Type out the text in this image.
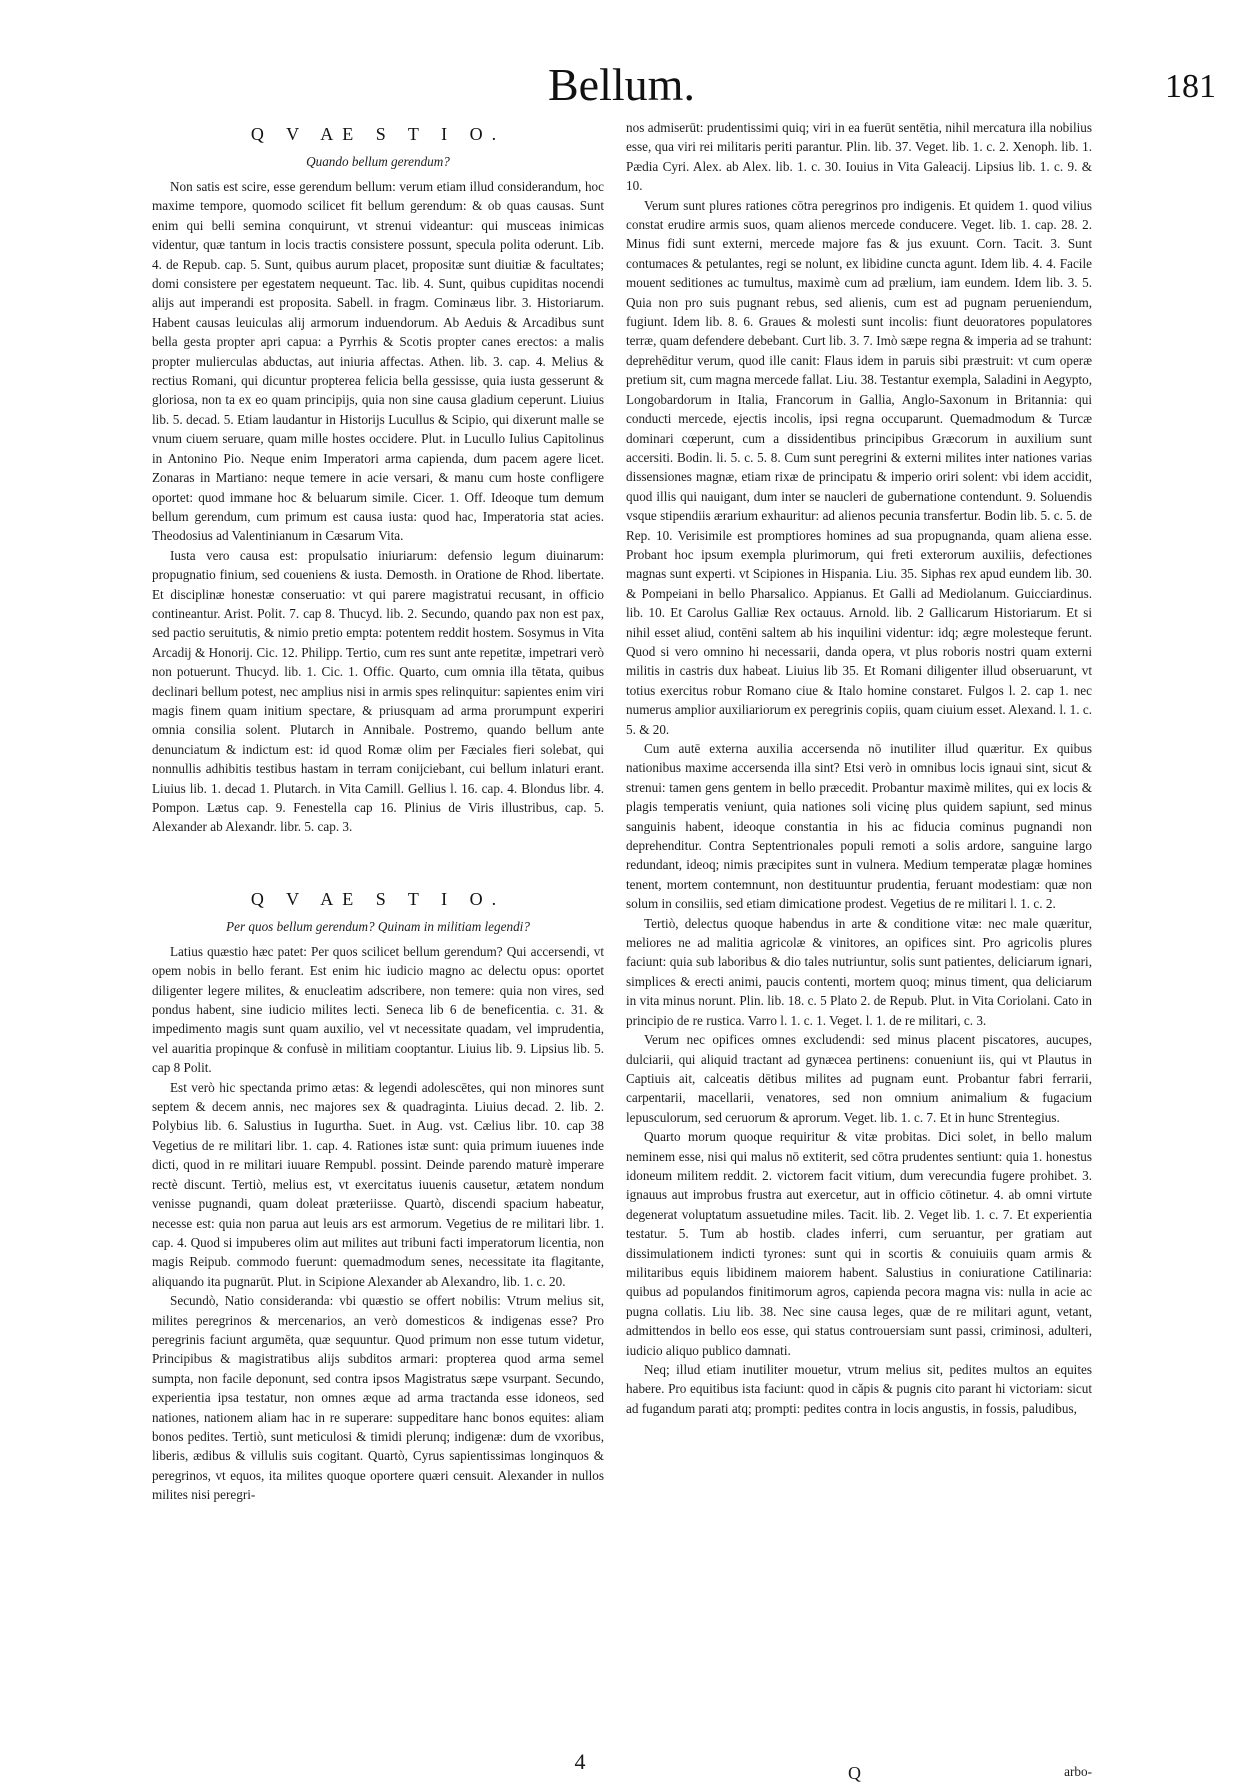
Bellum.	181
Q V AE S T I O.
Quando bellum gerendum?

Non satis est scire, esse gerendum bellum: verum etiam illud considerandum, hoc maxime tempore, quomodo scilicet fit bellum gerendum: & ob quas causas. Sunt enim qui belli semina conquirunt, vt strenui videantur: qui musceas inimicas videntur, quæ tantum in locis tractis consistere possunt, specula polita oderunt. Lib. 4. de Repub. cap. 5. Sunt, quibus aurum placet, propositæ sunt diuitiæ & facultates; domi consistere per egestatem nequeunt. Tac. lib. 4. Sunt, quibus cupiditas nocendi alijs aut imperandi est proposita. Sabell. in fragm. Cominæus libr. 3. Historiarum. Habent causas leuiculas alij armorum induendorum. Ab Aeduis & Arcadibus sunt bella gesta propter apri capua: a Pyrrhis & Scotis propter canes erectos: a malis propter mulierculas abductas, aut iniuria affectas. Athen. lib. 3. cap. 4. Melius & rectius Romani, qui dicuntur propterea felicia bella gessisse, quia iusta gesserunt & gloriosa, non ta ex eo quam principijs, quia non sine causa gladium ceperunt. Liuius lib. 5. decad. 5. Etiam laudantur in Historijs Lucullus & Scipio, qui dixerunt malle se vnum ciuem seruare, quam mille hostes occidere. Plut. in Lucullo Iulius Capitolinus in Antonino Pio. Neque enim Imperatori arma capienda, dum pacem agere licet. Zonaras in Martiano: neque temere in acie versari, & manu cum hoste confligere oportet: quod immane hoc & beluarum simile. Cicer. 1. Off. Ideoque tum demum bellum gerendum, cum primum est causa iusta: quod hac, Imperatoria stat acies. Theodosius ad Valentinianum in Cæsarum Vita.

Iusta vero causa est: propulsatio iniuriarum: defensio legum diuinarum: propugnatio finium, sed coueniens & iusta. Demosth. in Oratione de Rhod. libertate. Et disciplinæ honestæ conseruatio: vt qui parere magistratui recusant, in officio contineantur. Arist. Polit. 7. cap 8. Thucyd. lib. 2. Secundo, quando pax non est pax, sed pactio seruitutis, & nimio pretio empta: potentem reddit hostem. Sosymus in Vita Arcadij & Honorij. Cic. 12. Philipp. Tertio, cum res sunt ante repetitæ, impetrari verò non potuerunt. Thucyd. lib. 1. Cic. 1. Offic. Quarto, cum omnia illa tētata, quibus declinari bellum potest, nec amplius nisi in armis spes relinquitur: sapientes enim viri magis finem quam initium spectare, & priusquam ad arma prorumpunt experiri omnia consilia solent. Plutarch in Annibale. Postremo, quando bellum ante denunciatum & indictum est: id quod Romæ olim per Fæciales fieri solebat, qui nonnullis adhibitis testibus hastam in terram conijciebant, cui bellum inlaturi erant. Liuius lib. 1. decad 1. Plutarch. in Vita Camill. Gellius l. 16. cap. 4. Blondus libr. 4. Pompon. Lætus cap. 9. Fenestella cap 16. Plinius de Viris illustribus, cap. 5. Alexander ab Alexandr. libr. 5. cap. 3.

Q V AE S T I O.
Per quos bellum gerendum? Quinam in militiam legendi?

Latius quæstio hæc patet: Per quos scilicet bellum gerendum? Qui accersendi, vt opem nobis in bello ferant. Est enim hic iudicio magno ac delectu opus: oportet diligenter legere milites, & enucleatim adscribere, non temere: quia non vires, sed pondus habent, sine iudicio milites lecti. Seneca lib 6 de beneficentia. c. 31. & impedimento magis sunt quam auxilio, vel vt necessitate quadam, vel imprudentia, vel auaritia propinque & confusè in militiam cooptantur. Liuius lib. 9. Lipsius lib. 5. cap 8 Polit.

Est verò hic spectanda primo ætas: & legendi adolescētes, qui non minores sunt septem & decem annis, nec majores sex & quadraginta. Liuius decad. 2. lib. 2. Polybius lib. 6. Salustius in Iugurtha. Suet. in Aug. vst. Cælius libr. 10. cap 38 Vegetius de re militari libr. 1. cap. 4. Rationes istæ sunt: quia primum iuuenes inde dicti, quod in re militari iuuare Rempubl. possint. Deinde parendo maturè imperare rectè discunt. Tertiò, melius est, vt exercitatus iuuenis causetur, ætatem nondum venisse pugnandi, quam doleat præteriisse. Quartò, discendi spacium habeatur, necesse est: quia non parua aut leuis ars est armorum. Vegetius de re militari libr. 1. cap. 4. Quod si impuberes olim aut milites aut tribuni facti imperatorum licentia, non magis Reipub. commodo fuerunt: quemadmodum senes, necessitate ita flagitante, aliquando ita pugnarūt. Plut. in Scipione Alexander ab Alexandro, lib. 1. c. 20.

Secundò, Natio consideranda: vbi quæstio se offert nobilis: Vtrum melius sit, milites peregrinos & mercenarios, an verò domesticos & indigenas esse? Pro peregrinis faciunt argumēta, quæ sequuntur. Quod primum non esse tutum videtur, Principibus & magistratibus alijs subditos armari: propterea quod arma semel sumpta, non facile deponunt, sed contra ipsos Magistratus sæpe vsurpant. Secundo, experientia ipsa testatur, non omnes æque ad arma tractanda esse idoneos, sed nationes, nationem aliam hac in re superare: suppeditare hanc bonos equites: aliam bonos pedites. Tertiò, sunt meticulosi & timidi plerunq; indigenæ: dum de vxoribus, liberis, ædibus & villulis suis cogitant. Quartò, Cyrus sapientissimas longinquos & peregrinos, vt equos, ita milites quoque oportere quæri censuit. Alexander in nullos milites nisi peregri-

nos admiserūt: prudentissimi quiq; viri in ea fuerūt sentētia, nihil mercatura illa nobilius esse, qua viri rei militaris periti parantur. Plin. lib. 37. Veget. lib. 1. c. 2. Xenoph. lib. 1. Pædia Cyri. Alex. ab Alex. lib. 1. c. 30. Iouius in Vita Galeacij. Lipsius lib. 1. c. 9. & 10.

Verum sunt plures rationes cōtra peregrinos pro indigenis. Et quidem 1. quod vilius constat erudire armis suos, quam alienos mercede conducere. Veget. lib. 1. cap. 28. 2. Minus fidi sunt externi, mercede majore fas & jus exuunt. Corn. Tacit. 3. Sunt contumaces & petulantes, regi se nolunt, ex libidine cuncta agunt. Idem lib. 4. 4. Facile mouent seditiones ac tumultus, maximè cum ad prælium, iam eundem. Idem lib. 3. 5. Quia non pro suis pugnant rebus, sed alienis, cum est ad pugnam perueniendum, fugiunt. Idem lib. 8. 6. Graues & molesti sunt incolis: fiunt deuoratores populatores terræ, quam defendere debebant. Curt lib. 3. 7. Imò sæpe regna & imperia ad se trahunt: deprehēditur verum, quod ille canit: Flaus idem in paruis sibi præstruit: vt cum operæ pretium sit, cum magna mercede fallat. Liu. 38. Testantur exempla, Saladini in Aegypto, Longobardorum in Italia, Francorum in Gallia, Anglo-Saxonum in Britannia: qui conducti mercede, ejectis incolis, ipsi regna occuparunt. Quemadmodum & Turcæ dominari cœperunt, cum a dissidentibus principibus Græcorum in auxilium sunt accersiti. Bodin. li. 5. c. 5. 8. Cum sunt peregrini & externi milites inter nationes varias dissensiones magnæ, etiam rixæ de principatu & imperio oriri solent: vbi idem accidit, quod illis qui nauigant, dum inter se naucleri de gubernatione contendunt. 9. Soluendis vsque stipendiis ærarium exhauritur: ad alienos pecunia transfertur. Bodin lib. 5. c. 5. de Rep. 10. Verisimile est promptiores homines ad sua propugnanda, quam aliena esse. Probant hoc ipsum exempla plurimorum, qui freti exterorum auxiliis, defectiones magnas sunt experti. vt Scipiones in Hispania. Liu. 35. Siphas rex apud eundem lib. 30. & Pompeiani in bello Pharsalico. Appianus. Et Galli ad Mediolanum. Guicciardinus. lib. 10. Et Carolus Galliæ Rex octauus. Arnold. lib. 2 Gallicarum Historiarum. Et si nihil esset aliud, contēni saltem ab his inquilini videntur: idq; ægre molesteque ferunt. Quod si vero omnino hi necessarii, danda opera, vt plus roboris nostri quam externi militis in castris dux habeat. Liuius lib 35. Et Romani diligenter illud obseruarunt, vt totius exercitus robur Romano ciue & Italo homine constaret. Fulgos l. 2. cap 1. nec numerus amplior auxiliariorum ex peregrinis copiis, quam ciuium esset. Alexand. l. 1. c. 5. & 20.

Cum autē externa auxilia accersenda nō inutiliter illud quæritur. Ex quibus nationibus maxime accersenda illa sint? Etsi verò in omnibus locis ignaui sint, sicut & strenui: tamen gens gentem in bello præcedit. Probantur maximè milites, qui ex locis & plagis temperatis veniunt, quia nationes soli vicinę plus quidem sapiunt, sed minus sanguinis habent, ideoque constantia in his ac fiducia cominus pugnandi non deprehenditur. Contra Septentrionales populi remoti a solis ardore, sanguine largo redundant, ideoq; nimis præcipites sunt in vulnera. Medium temperatæ plagæ homines tenent, mortem contemnunt, non destituuntur prudentia, feruant modestiam: quæ non solum in consiliis, sed etiam dimicatione prodest. Vegetius de re militari l. 1. c. 2.

Tertiò, delectus quoque habendus in arte & conditione vitæ: nec male quæritur, meliores ne ad malitia agricolæ & vinitores, an opifices sint. Pro agricolis plures faciunt: quia sub laboribus & dio tales nutriuntur, solis sunt patientes, deliciarum ignari, simplices & erecti animi, paucis contenti, mortem quoq; minus timent, qua deliciarum in vita minus norunt. Plin. lib. 18. c. 5 Plato 2. de Repub. Plut. in Vita Coriolani. Cato in principio de re rustica. Varro l. 1. c. 1. Veget. l. 1. de re militari, c. 3.

Verum nec opifices omnes excludendi: sed minus placent piscatores, aucupes, dulciarii, qui aliquid tractant ad gynæcea pertinens: conueniunt iis, qui vt Plautus in Captiuis ait, calceatis dētibus milites ad pugnam eunt. Probantur fabri ferrarii, carpentarii, macellarii, venatores, sed non omnium animalium & fugacium lepusculorum, sed ceruorum & aprorum. Veget. lib. 1. c. 7. Et in hunc Strentegius.

Quarto morum quoque requiritur & vitæ probitas. Dici solet, in bello malum neminem esse, nisi qui malus nō extiterit, sed cōtra prudentes sentiunt: quia 1. honestus idoneum militem reddit. 2. victorem facit vitium, dum verecundia fugere prohibet. 3. ignauus aut improbus frustra aut exercetur, aut in officio cōtinetur. 4. ab omni virtute degenerat voluptatum assuetudine miles. Tacit. lib. 2. Veget lib. 1. c. 7. Et experientia testatur. 5. Tum ab hostib. clades inferri, cum seruantur, per gratiam aut dissimulationem indicti tyrones: sunt qui in scortis & conuiuiis quam armis & militaribus equis libidinem maiorem habent. Salustius in coniuratione Catilinaria: quibus ad populandos finitimorum agros, capienda pecora magna vis: nulla in acie ac pugna collatis. Liu lib. 38. Nec sine causa leges, quæ de re militari agunt, vetant, admittendos in bello eos esse, qui status controuersiam sunt passi, criminosi, adulteri, iudicio aliquo publico damnati.

Neq; illud etiam inutiliter mouetur, vtrum melius sit, pedites multos an equites habere. Pro equitibus ista faciunt: quod in căpis & pugnis cito parant hi victoriam: sicut ad fugandum parati atq; prompti: pedites contra in locis angustis, in fossis, paludibus,

4	Q	arbo-
